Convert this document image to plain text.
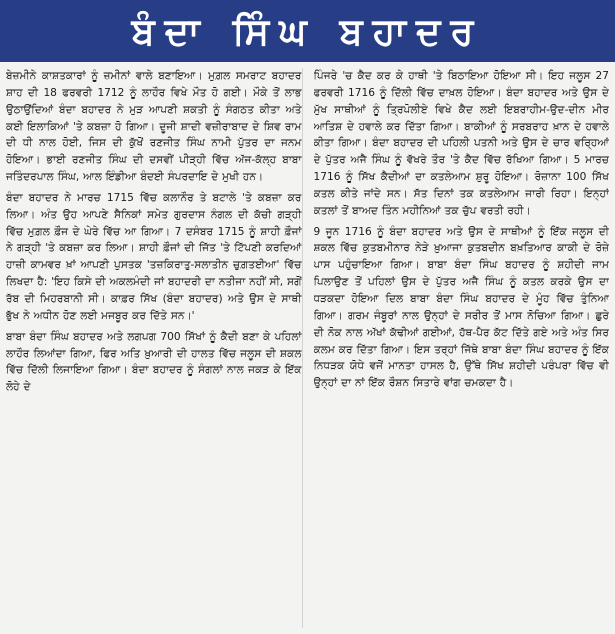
ਬੰਦਾ ਸਿੰਘ ਬਹਾਦਰ

ਬੇਜ਼ਮੀਨੇ ਕਾਸ਼ਤਕਾਰਾਂ ਨੂੰ ਜ਼ਮੀਨਾਂ ਵਾਲੇ ਬਣਾਇਆ। ਮੁਗ਼ਲ ਸਮਰਾਟ ਬਹਾਦਰ ਸ਼ਾਹ ਦੀ 18 ਫਰਵਰੀ 1712 ਨੂੰ ਲਾਹੌਰ ਵਿਖੇ ਮੌਤ ਹੋ ਗਈ। ਮੌਕੇ ਤੋਂ ਲਾਭ ਉਠਾਉਂਦਿਆਂ ਬੰਦਾ ਬਹਾਦਰ ਨੇ ਮੁੜ ਆਪਣੀ ਸ਼ਕਤੀ ਨੂੰ ਸੰਗਠਤ ਕੀਤਾ ਅਤੇ ਕਈ ਇਲਾਕਿਆਂ 'ਤੇ ਕਬਜ਼ਾ ਹੋ ਗਿਆ। ਦੂਜੀ ਸ਼ਾਦੀ ਵਜ਼ੀਰਾਬਾਦ ਦੇ ਸ਼ਿਵ ਰਾਮ ਦੀ ਧੀ ਨਾਲ ਹੋਈ, ਜਿਸ ਦੀ ਕੁੱਖੋਂ ਰਣਜੀਤ ਸਿੰਘ ਨਾਮੀ ਪੁੱਤਰ ਦਾ ਜਨਮ ਹੋਇਆ। ਭਾਈ ਰਣਜੀਤ ਸਿੰਘ ਦੀ ਦਸਵੀਂ ਪੀੜ੍ਹੀ ਵਿੱਚ ਅੱਜ-ਕੱਲ੍ਹ ਬਾਬਾ ਜਤਿੰਦਰਪਾਲ ਸਿੰਘ, ਆਲ ਇੰਡੀਆ ਬੰਦਈ ਸੰਪਰਦਾਇ ਦੇ ਮੁਖੀ ਹਨ।

ਬੰਦਾ ਬਹਾਦਰ ਨੇ ਮਾਰਚ 1715 ਵਿੱਚ ਕਲਾਨੌਰ ਤੇ ਬਟਾਲੇ 'ਤੇ ਕਬਜ਼ਾ ਕਰ ਲਿਆ। ਅੰਤ ਉਹ ਆਪਣੇ ਸੈਨਿਕਾਂ ਸਮੇਤ ਗੁਰਦਾਸ ਨੰਗਲ ਦੀ ਕੱਚੀ ਗੜ੍ਹੀ ਵਿੱਚ ਮੁਗ਼ਲ ਫ਼ੌਜ ਦੇ ਘੇਰੇ ਵਿੱਚ ਆ ਗਿਆ। 7 ਦਸੰਬਰ 1715 ਨੂੰ ਸ਼ਾਹੀ ਫ਼ੌਜਾਂ ਨੇ ਗੜ੍ਹੀ 'ਤੇ ਕਬਜ਼ਾ ਕਰ ਲਿਆ। ਸ਼ਾਹੀ ਫ਼ੌਜਾਂ ਦੀ ਜਿੱਤ 'ਤੇ ਟਿੱਪਣੀ ਕਰਦਿਆਂ ਹਾਜ਼ੀ ਕਾਮਵਰ ਖ਼ਾਂ ਆਪਣੀ ਪੁਸਤਕ 'ਤਜ਼ਕਿਰਾਤੁ-ਸਲਾਤੀਨ ਚੁਗ਼ਤਈਆ' ਵਿੱਚ ਲਿਖਦਾ ਹੈ: 'ਇਹ ਕਿਸੇ ਦੀ ਅਕਲਮੰਦੀ ਜਾਂ ਬਹਾਦਰੀ ਦਾ ਨਤੀਜਾ ਨਹੀਂ ਸੀ, ਸਗੋਂ ਰੱਬ ਦੀ ਮਿਹਰਬਾਨੀ ਸੀ। ਕਾਫ਼ਰ ਸਿੱਖ (ਬੰਦਾ ਬਹਾਦਰ) ਅਤੇ ਉਸ ਦੇ ਸਾਥੀ ਭੁੱਖ ਨੇ ਅਧੀਨ ਹੋਣ ਲਈ ਮਜਬੂਰ ਕਰ ਦਿੱਤੇ ਸਨ।'

ਬਾਬਾ ਬੰਦਾ ਸਿੰਘ ਬਹਾਦਰ ਅਤੇ ਲਗਪਗ 700 ਸਿੱਖਾਂ ਨੂੰ ਕੈਦੀ ਬਣਾ ਕੇ ਪਹਿਲਾਂ ਲਾਹੌਰ ਲਿਆਂਦਾ ਗਿਆ, ਫਿਰ ਅਤਿ ਖ਼ੁਆਰੀ ਦੀ ਹਾਲਤ ਵਿੱਚ ਜਲੂਸ ਦੀ ਸ਼ਕਲ ਵਿੱਚ ਦਿੱਲੀ ਲਿਜਾਇਆ ਗਿਆ। ਬੰਦਾ ਬਹਾਦਰ ਨੂੰ ਸੰਗਲਾਂ ਨਾਲ ਜਕੜ ਕੇ ਇੱਕ ਲੋਹੇ ਦੇ

ਪਿੰਜਰੇ 'ਚ ਕੈਦ ਕਰ ਕੇ ਹਾਥੀ 'ਤੇ ਬਿਠਾਇਆ ਹੋਇਆ ਸੀ। ਇਹ ਜਲੂਸ 27 ਫਰਵਰੀ 1716 ਨੂੰ ਦਿੱਲੀ ਵਿੱਚ ਦਾਖ਼ਲ ਹੋਇਆ। ਬੰਦਾ ਬਹਾਦਰ ਅਤੇ ਉਸ ਦੇ ਮੁੱਖ ਸਾਥੀਆਂ ਨੂੰ ਤ੍ਰਿਪੋਲੀਏ ਵਿਖੇ ਕੈਦ ਲਈ ਇਬਰਾਹੀਮ-ਉਦ-ਦੀਨ ਮੀਰ ਆਤਿਸ਼ ਦੇ ਹਵਾਲੇ ਕਰ ਦਿੱਤਾ ਗਿਆ। ਬਾਕੀਆਂ ਨੂੰ ਸਰਬਰਾਹ ਖ਼ਾਨ ਦੇ ਹਵਾਲੇ ਕੀਤਾ ਗਿਆ। ਬੰਦਾ ਬਹਾਦਰ ਦੀ ਪਹਿਲੀ ਪਤਨੀ ਅਤੇ ਉਸ ਦੇ ਚਾਰ ਵਰ੍ਹਿਆਂ ਦੇ ਪੁੱਤਰ ਅਜੈ ਸਿੰਘ ਨੂੰ ਵੱਖਰੇ ਤੌਰ 'ਤੇ ਕੈਦ ਵਿੱਚ ਰੱਖਿਆ ਗਿਆ। 5 ਮਾਰਚ 1716 ਨੂੰ ਸਿੱਖ ਕੈਦੀਆਂ ਦਾ ਕਤਲੇਆਮ ਸ਼ੁਰੂ ਹੋਇਆ। ਰੋਜ਼ਾਨਾ 100 ਸਿੱਖ ਕਤਲ ਕੀਤੇ ਜਾਂਦੇ ਸਨ। ਸੱਤ ਦਿਨਾਂ ਤਕ ਕਤਲੇਆਮ ਜਾਰੀ ਰਿਹਾ। ਇਨ੍ਹਾਂ ਕਤਲਾਂ ਤੋਂ ਬਾਅਦ ਤਿੰਨ ਮਹੀਨਿਆਂ ਤਕ ਚੁੱਪ ਵਰਤੀ ਰਹੀ।

9 ਜੂਨ 1716 ਨੂੰ ਬੰਦਾ ਬਹਾਦਰ ਅਤੇ ਉਸ ਦੇ ਸਾਥੀਆਂ ਨੂੰ ਇੱਕ ਜਲੂਸ ਦੀ ਸ਼ਕਲ ਵਿੱਚ ਕੁਤਬਮੀਨਾਰ ਨੇੜੇ ਖ਼ੁਆਜਾ ਕੁਤਬਦੀਨ ਬਖ਼ਤਿਆਰ ਕਾਕੀ ਦੇ ਰੋਜ਼ੇ ਪਾਸ ਪਹੁੰਚਾਇਆ ਗਿਆ। ਬਾਬਾ ਬੰਦਾ ਸਿੰਘ ਬਹਾਦਰ ਨੂੰ ਸ਼ਹੀਦੀ ਜਾਮ ਪਿਲਾਉਣ ਤੋਂ ਪਹਿਲਾਂ ਉਸ ਦੇ ਪੁੱਤਰ ਅਜੈ ਸਿੰਘ ਨੂੰ ਕਤਲ ਕਰਕੇ ਉਸ ਦਾ ਧੜਕਦਾ ਹੋਇਆ ਦਿਲ ਬਾਬਾ ਬੰਦਾ ਸਿੰਘ ਬਹਾਦਰ ਦੇ ਮੂੰਹ ਵਿੱਚ ਤੁੰਨਿਆ ਗਿਆ। ਗਰਮ ਜੰਬੂਰਾਂ ਨਾਲ ਉਨ੍ਹਾਂ ਦੇ ਸਰੀਰ ਤੋਂ ਮਾਸ ਨੋਚਿਆ ਗਿਆ। ਛੁਰੇ ਦੀ ਨੋਕ ਨਾਲ ਅੱਖਾਂ ਕੱਢੀਆਂ ਗਈਆਂ, ਹੱਥ-ਪੈਰ ਕੱਟ ਦਿੱਤੇ ਗਏ ਅਤੇ ਅੰਤ ਸਿਰ ਕਲਮ ਕਰ ਦਿੱਤਾ ਗਿਆ। ਇਸ ਤਰ੍ਹਾਂ ਜਿੱਥੇ ਬਾਬਾ ਬੰਦਾ ਸਿੰਘ ਬਹਾਦਰ ਨੂੰ ਇੱਕ ਨਿਧੜਕ ਯੋਧੇ ਵਜੋਂ ਮਾਨਤਾ ਹਾਸਲ ਹੈ, ਉੱਥੇ ਸਿੱਖ ਸ਼ਹੀਦੀ ਪਰੰਪਰਾ ਵਿੱਚ ਵੀ ਉਨ੍ਹਾਂ ਦਾ ਨਾਂ ਇੱਕ ਰੌਸ਼ਨ ਸਿਤਾਰੇ ਵਾਂਗ ਚਮਕਦਾ ਹੈ।
